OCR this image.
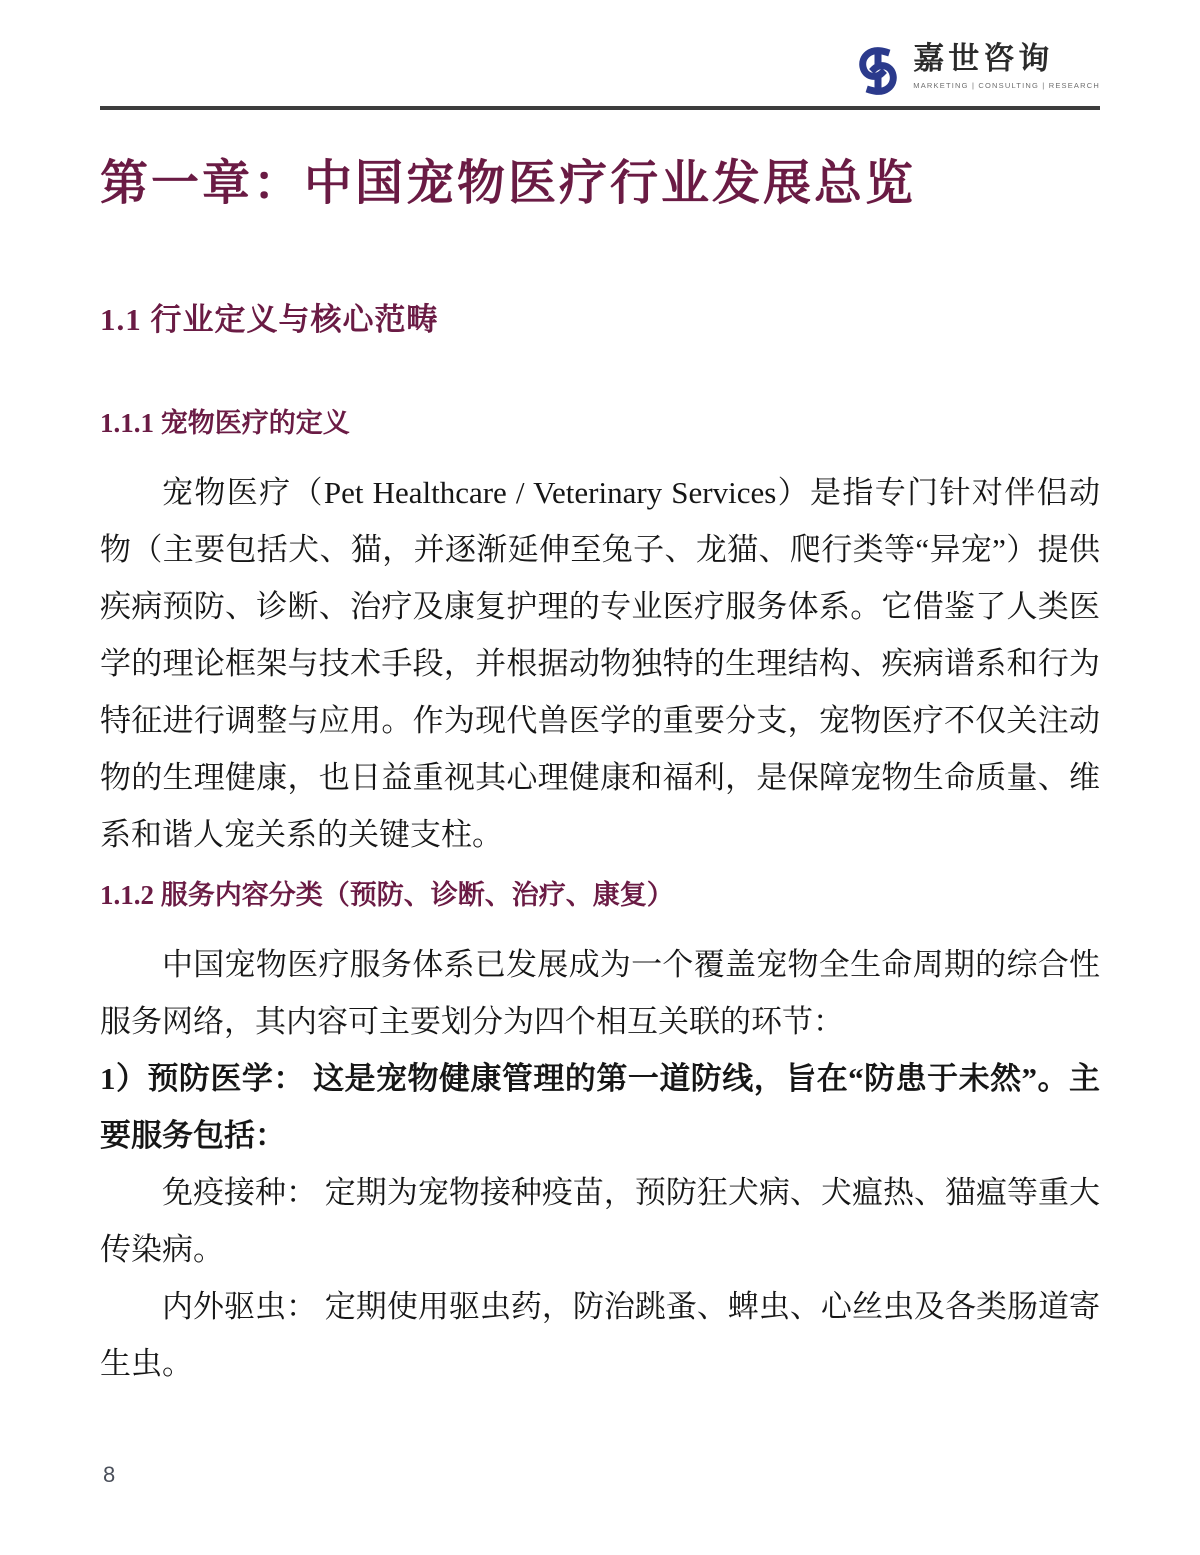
嘉世咨询
MARKETING | CONSULTING | RESEARCH
第一章：中国宠物医疗行业发展总览
1.1 行业定义与核心范畴
1.1.1 宠物医疗的定义

宠物医疗（Pet Healthcare / Veterinary Services）是指专门针对伴侣动物（主要包括犬、猫，并逐渐延伸至兔子、龙猫、爬行类等“异宠”）提供疾病预防、诊断、治疗及康复护理的专业医疗服务体系。它借鉴了人类医学的理论框架与技术手段，并根据动物独特的生理结构、疾病谱系和行为特征进行调整与应用。作为现代兽医学的重要分支，宠物医疗不仅关注动物的生理健康，也日益重视其心理健康和福利，是保障宠物生命质量、维系和谐人宠关系的关键支柱。

1.1.2 服务内容分类（预防、诊断、治疗、康复）

中国宠物医疗服务体系已发展成为一个覆盖宠物全生命周期的综合性服务网络，其内容可主要划分为四个相互关联的环节：

1）预防医学： 这是宠物健康管理的第一道防线，旨在“防患于未然”。主要服务包括：

免疫接种： 定期为宠物接种疫苗，预防狂犬病、犬瘟热、猫瘟等重大传染病。

内外驱虫： 定期使用驱虫药，防治跳蚤、蜱虫、心丝虫及各类肠道寄生虫。

8
